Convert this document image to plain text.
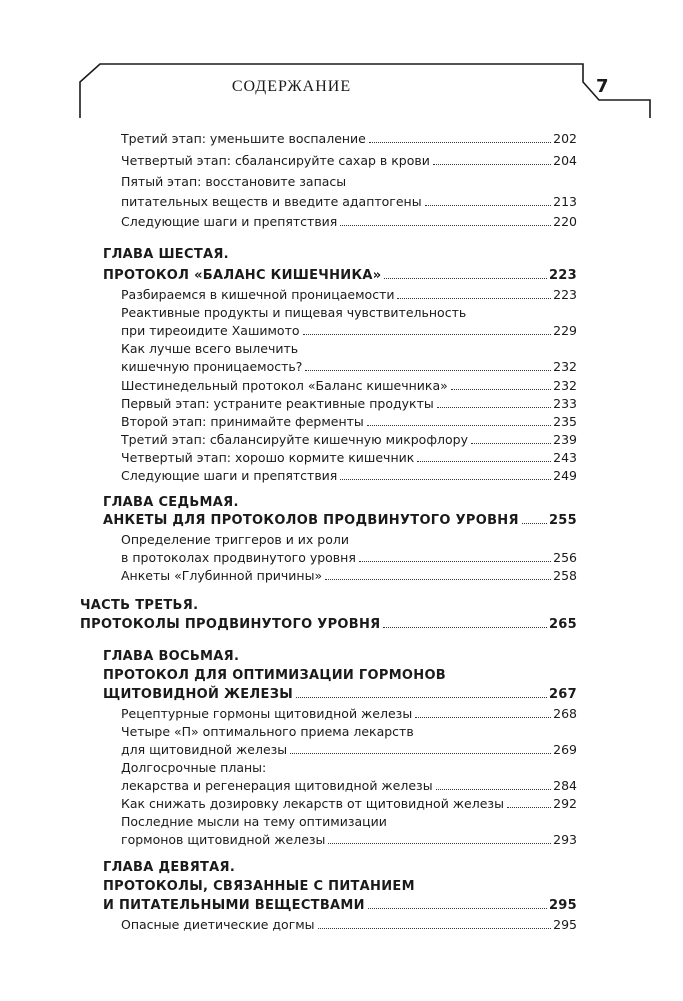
СОДЕРЖАНИЕ	7
Третий этап: уменьшите воспаление	202
Четвертый этап: сбалансируйте сахар в крови	204
Пятый этап: восстановите запасы
питательных веществ и введите адаптогены	213
Следующие шаги и препятствия	220
ГЛАВА ШЕСТАЯ.
ПРОТОКОЛ «БАЛАНС КИШЕЧНИКА»	223
Разбираемся в кишечной проницаемости	223
Реактивные продукты и пищевая чувствительность
при тиреоидите Хашимото	229
Как лучше всего вылечить
кишечную проницаемость?	232
Шестинедельный протокол «Баланс кишечника»	232
Первый этап: устраните реактивные продукты	233
Второй этап: принимайте ферменты	235
Третий этап: сбалансируйте кишечную микрофлору	239
Четвертый этап: хорошо кормите кишечник	243
Следующие шаги и препятствия	249
ГЛАВА СЕДЬМАЯ.
АНКЕТЫ ДЛЯ ПРОТОКОЛОВ ПРОДВИНУТОГО УРОВНЯ 255
Определение триггеров и их роли
в протоколах продвинутого уровня	256
Анкеты «Глубинной причины»	258
ЧАСТЬ ТРЕТЬЯ.
ПРОТОКОЛЫ ПРОДВИНУТОГО УРОВНЯ	265
ГЛАВА ВОСЬМАЯ.
ПРОТОКОЛ ДЛЯ ОПТИМИЗАЦИИ ГОРМОНОВ
ЩИТОВИДНОЙ ЖЕЛЕЗЫ	267
Рецептурные гормоны щитовидной железы	268
Четыре «П» оптимального приема лекарств
для щитовидной железы	269
Долгосрочные планы:
лекарства и регенерация щитовидной железы	284
Как снижать дозировку лекарств от щитовидной железы	292
Последние мысли на тему оптимизации
гормонов щитовидной железы	293
ГЛАВА ДЕВЯТАЯ.
ПРОТОКОЛЫ, СВЯЗАННЫЕ С ПИТАНИЕМ
И ПИТАТЕЛЬНЫМИ ВЕЩЕСТВАМИ	295
Опасные диетические догмы	295
